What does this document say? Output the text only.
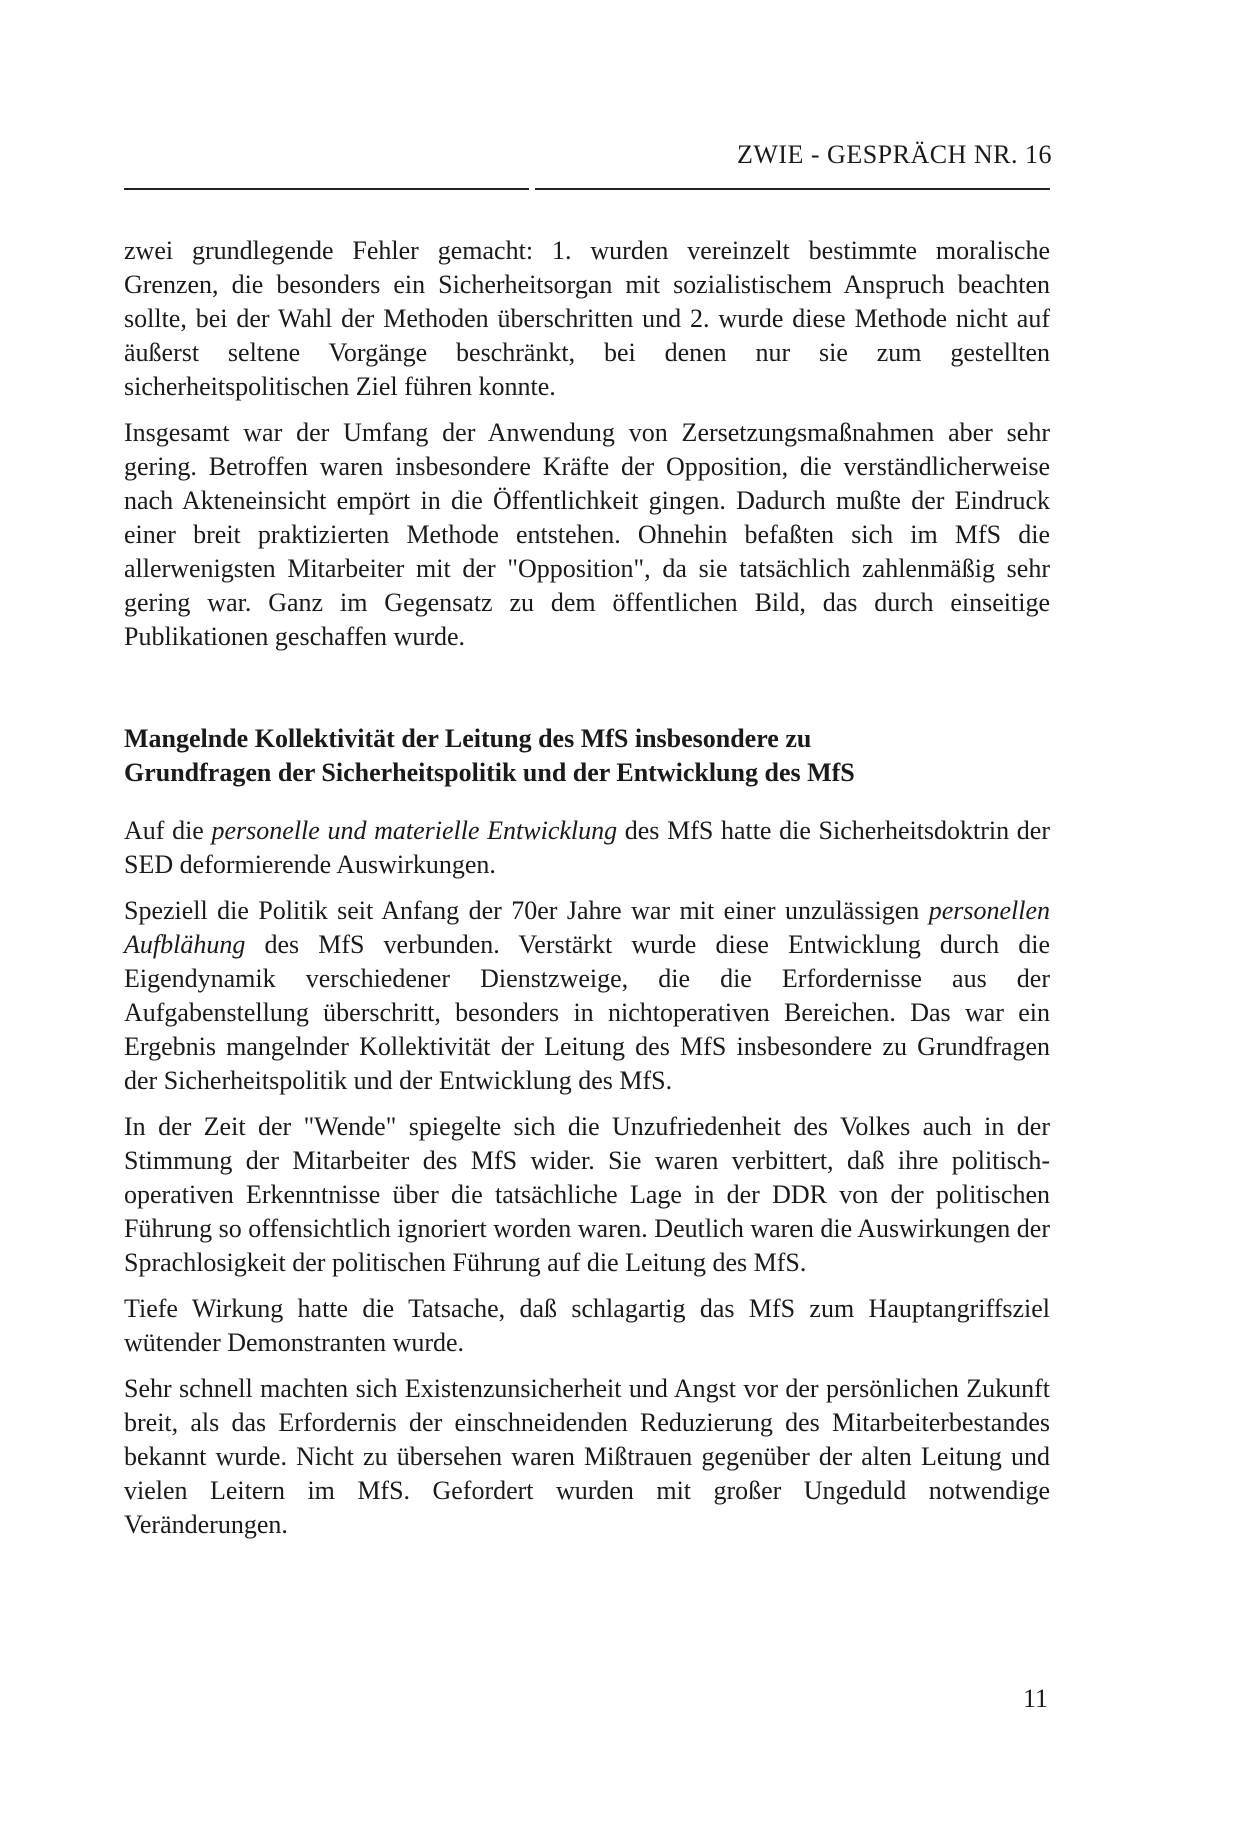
ZWIE - GESPRÄCH NR. 16

zwei grundlegende Fehler gemacht: 1. wurden vereinzelt bestimmte moralische Grenzen, die besonders ein Sicherheitsorgan mit sozialistischem Anspruch beachten sollte, bei der Wahl der Methoden überschritten und 2. wurde diese Methode nicht auf äußerst seltene Vorgänge beschränkt, bei denen nur sie zum gestellten sicherheitspolitischen Ziel führen konnte.

Insgesamt war der Umfang der Anwendung von Zersetzungsmaßnahmen aber sehr gering. Betroffen waren insbesondere Kräfte der Opposition, die verständlicherweise nach Akteneinsicht empört in die Öffentlichkeit gingen. Dadurch mußte der Eindruck einer breit praktizierten Methode entstehen. Ohnehin befaßten sich im MfS die allerwenigsten Mitarbeiter mit der "Opposition", da sie tatsächlich zahlenmäßig sehr gering war. Ganz im Gegensatz zu dem öffentlichen Bild, das durch einseitige Publikationen geschaffen wurde.

Mangelnde Kollektivität der Leitung des MfS insbesondere zu
Grundfragen der Sicherheitspolitik und der Entwicklung des MfS

Auf die personelle und materielle Entwicklung des MfS hatte die Sicherheitsdoktrin der SED deformierende Auswirkungen.

Speziell die Politik seit Anfang der 70er Jahre war mit einer unzulässigen personellen Aufblähung des MfS verbunden. Verstärkt wurde diese Entwicklung durch die Eigendynamik verschiedener Dienstzweige, die die Erfordernisse aus der Aufgabenstellung überschritt, besonders in nichtoperativen Bereichen. Das war ein Ergebnis mangelnder Kollektivität der Leitung des MfS insbesondere zu Grundfragen der Sicherheitspolitik und der Entwicklung des MfS.

In der Zeit der "Wende" spiegelte sich die Unzufriedenheit des Volkes auch in der Stimmung der Mitarbeiter des MfS wider. Sie waren verbittert, daß ihre politisch-operativen Erkenntnisse über die tatsächliche Lage in der DDR von der politischen Führung so offensichtlich ignoriert worden waren. Deutlich waren die Auswirkungen der Sprachlosigkeit der politischen Führung auf die Leitung des MfS.

Tiefe Wirkung hatte die Tatsache, daß schlagartig das MfS zum Hauptangriffsziel wütender Demonstranten wurde.

Sehr schnell machten sich Existenzunsicherheit und Angst vor der persönlichen Zukunft breit, als das Erfordernis der einschneidenden Reduzierung des Mitarbeiterbestandes bekannt wurde. Nicht zu übersehen waren Mißtrauen gegenüber der alten Leitung und vielen Leitern im MfS. Gefordert wurden mit großer Ungeduld notwendige Veränderungen.

11
